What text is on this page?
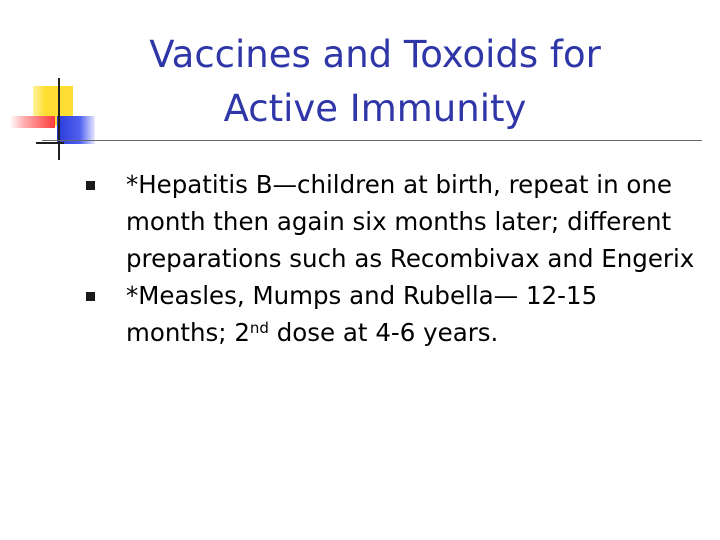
Vaccines and Toxoids for
Active Immunity
*Hepatitis B—children at birth, repeat in one month then again six months later; different preparations such as Recombivax and Engerix
*Measles, Mumps and Rubella— 12-15 months; 2nd dose at 4-6 years.
